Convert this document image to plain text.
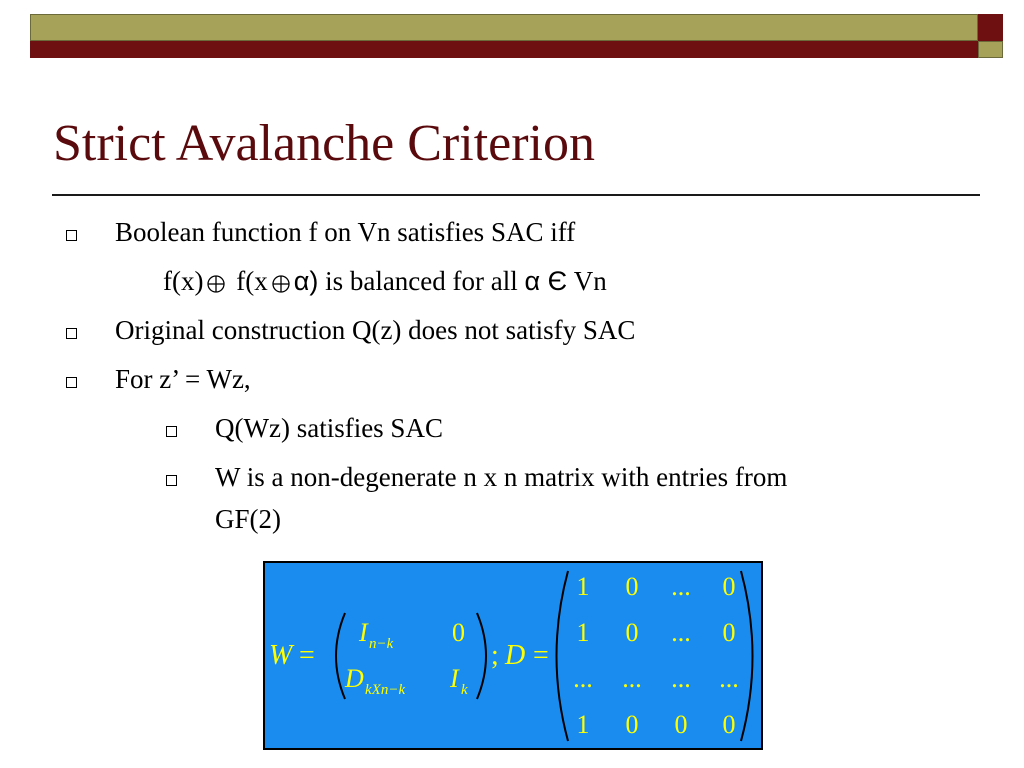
Strict Avalanche Criterion
Boolean function f on Vn satisfies SAC iff
f(x) f(x α) is balanced for all α Є Vn
Original construction Q(z) does not satisfy SAC
For z’ = Wz,
Q(Wz) satisfies SAC
W is a non-degenerate n x n matrix with entries from
GF(2)
W =
I n−k 0
D kXn−k I k
; D =
1 0 ... 0
1 0 ... 0
... ... ... ...
1 0 0 0
